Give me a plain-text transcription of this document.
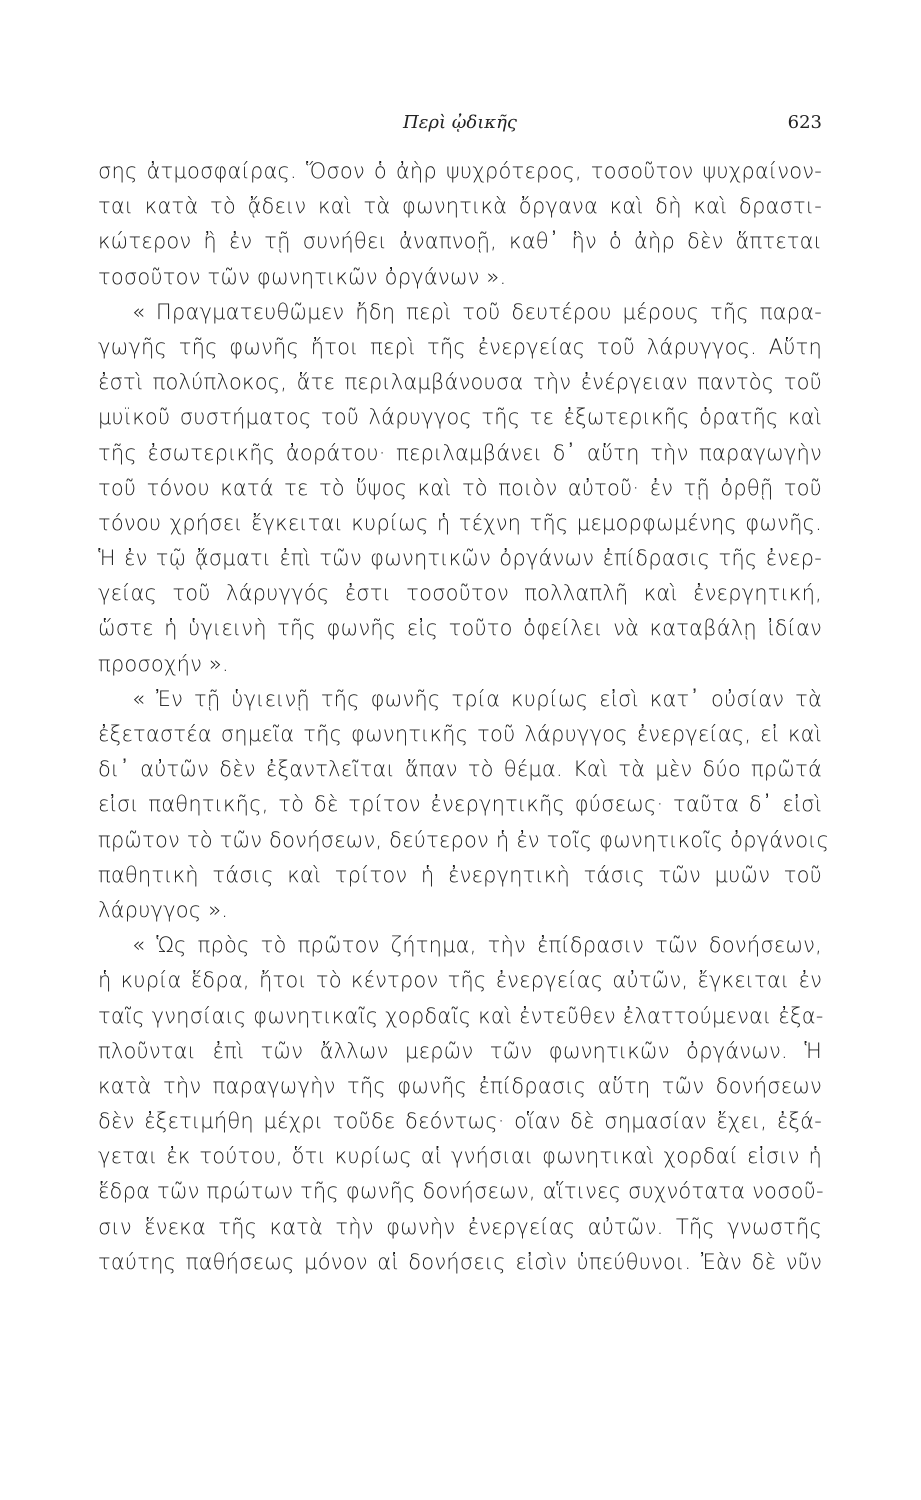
Περὶ ᾠδικῆς	623
σης ἀτμοσφαίρας. Ὅσον ὁ ἀὴρ ψυχρότερος, τοσοῦτον ψυχραίνον-
ται κατὰ τὸ ᾄδειν καὶ τὰ φωνητικὰ ὄργανα καὶ δὴ καὶ δραστι-
κώτερον ἢ ἐν τῇ συνήθει ἀναπνοῇ, καθ᾽ ἣν ὁ ἀὴρ δὲν ἅπτεται
τοσοῦτον τῶν φωνητικῶν ὀργάνων ».
« Πραγματευθῶμεν ἤδη περὶ τοῦ δευτέρου μέρους τῆς παρα-
γωγῆς τῆς φωνῆς ἤτοι περὶ τῆς ἐνεργείας τοῦ λάρυγγος. Αὕτη
ἐστὶ πολύπλοκος, ἅτε περιλαμβάνουσα τὴν ἐνέργειαν παντὸς τοῦ
μυϊκοῦ συστήματος τοῦ λάρυγγος τῆς τε ἐξωτερικῆς ὁρατῆς καὶ
τῆς ἐσωτερικῆς ἀοράτου· περιλαμβάνει δ᾽ αὕτη τὴν παραγωγὴν
τοῦ τόνου κατά τε τὸ ὕψος καὶ τὸ ποιὸν αὐτοῦ· ἐν τῇ ὀρθῇ τοῦ
τόνου χρήσει ἔγκειται κυρίως ἡ τέχνη τῆς μεμορφωμένης φωνῆς.
Ἡ ἐν τῷ ᾄσματι ἐπὶ τῶν φωνητικῶν ὀργάνων ἐπίδρασις τῆς ἐνερ-
γείας τοῦ λάρυγγός ἐστι τοσοῦτον πολλαπλῆ καὶ ἐνεργητική,
ὥστε ἡ ὑγιεινὴ τῆς φωνῆς εἰς τοῦτο ὀφείλει νὰ καταβάλῃ ἰδίαν
προσοχήν ».
« Ἐν τῇ ὑγιεινῇ τῆς φωνῆς τρία κυρίως εἰσὶ κατ᾽ οὐσίαν τὰ
ἐξεταστέα σημεῖα τῆς φωνητικῆς τοῦ λάρυγγος ἐνεργείας, εἰ καὶ
δι᾽ αὐτῶν δὲν ἐξαντλεῖται ἅπαν τὸ θέμα. Καὶ τὰ μὲν δύο πρῶτά
εἰσι παθητικῆς, τὸ δὲ τρίτον ἐνεργητικῆς φύσεως· ταῦτα δ᾽ εἰσὶ
πρῶτον τὸ τῶν δονήσεων, δεύτερον ἡ ἐν τοῖς φωνητικοῖς ὀργάνοις
παθητικὴ τάσις καὶ τρίτον ἡ ἐνεργητικὴ τάσις τῶν μυῶν τοῦ
λάρυγγος ».
« Ὡς πρὸς τὸ πρῶτον ζήτημα, τὴν ἐπίδρασιν τῶν δονήσεων,
ἡ κυρία ἕδρα, ἤτοι τὸ κέντρον τῆς ἐνεργείας αὐτῶν, ἔγκειται ἐν
ταῖς γνησίαις φωνητικαῖς χορδαῖς καὶ ἐντεῦθεν ἐλαττούμεναι ἐξα-
πλοῦνται ἐπὶ τῶν ἄλλων μερῶν τῶν φωνητικῶν ὀργάνων. Ἡ
κατὰ τὴν παραγωγὴν τῆς φωνῆς ἐπίδρασις αὕτη τῶν δονήσεων
δὲν ἐξετιμήθη μέχρι τοῦδε δεόντως· οἵαν δὲ σημασίαν ἔχει, ἐξά-
γεται ἐκ τούτου, ὅτι κυρίως αἱ γνήσιαι φωνητικαὶ χορδαί εἰσιν ἡ
ἕδρα τῶν πρώτων τῆς φωνῆς δονήσεων, αἵτινες συχνότατα νοσοῦ-
σιν ἕνεκα τῆς κατὰ τὴν φωνὴν ἐνεργείας αὐτῶν. Τῆς γνωστῆς
ταύτης παθήσεως μόνον αἱ δονήσεις εἰσὶν ὑπεύθυνοι. Ἐὰν δὲ νῦν
